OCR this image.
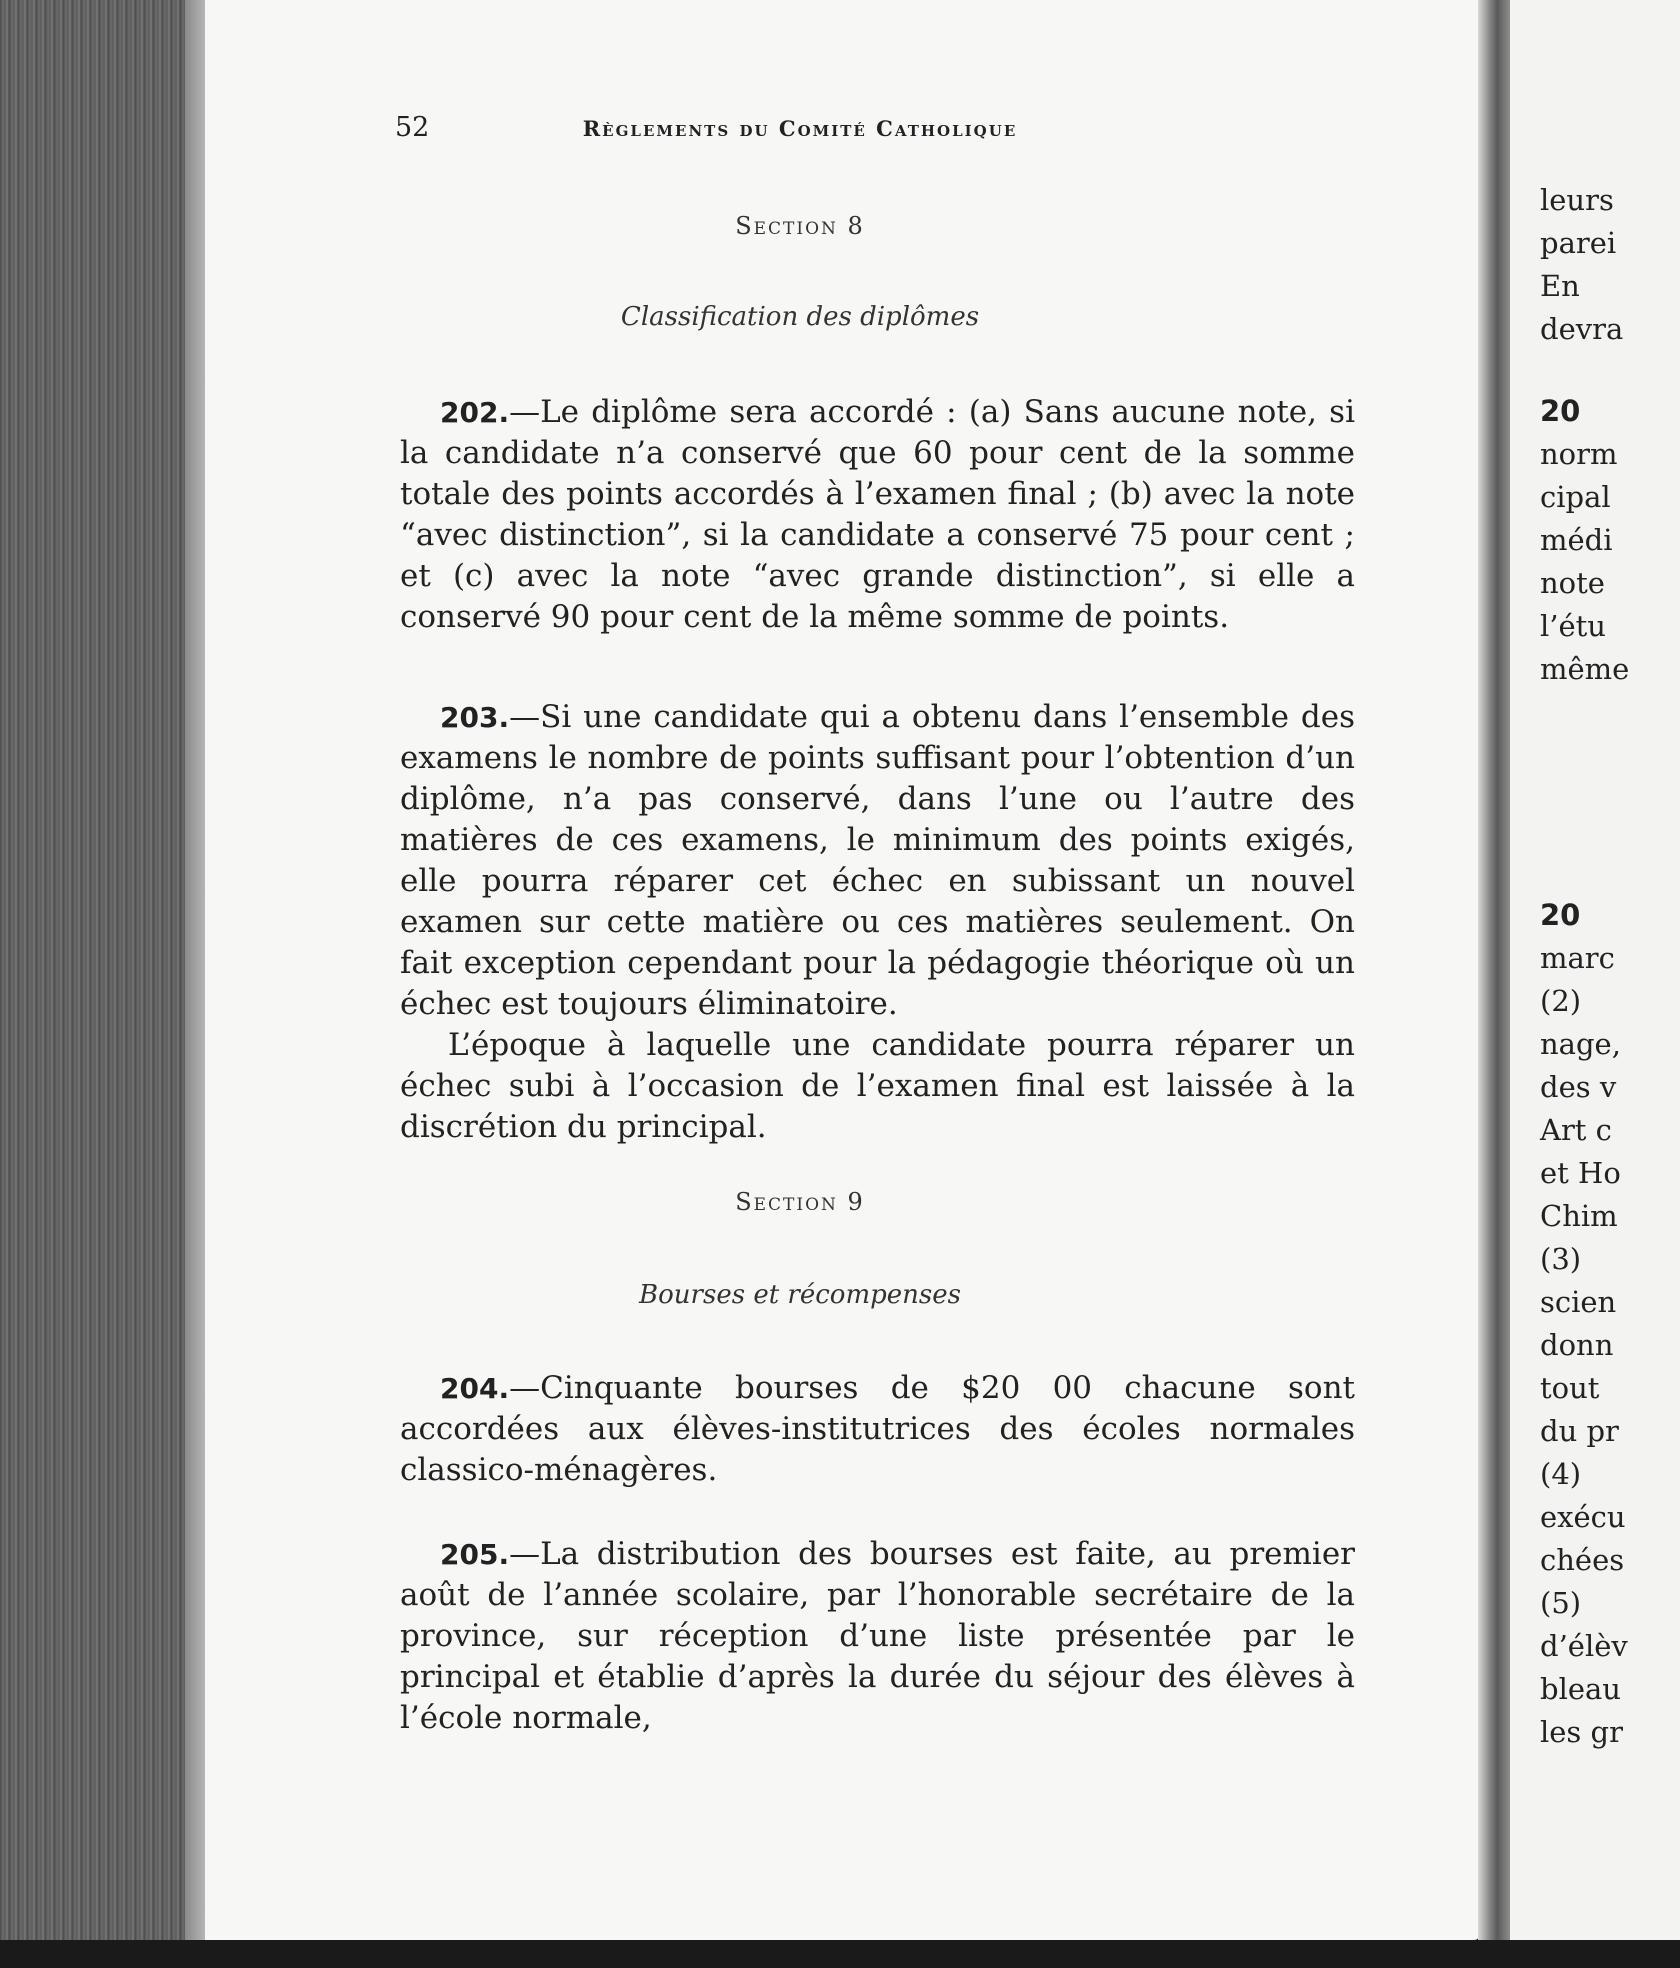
52	Règlements du Comité Catholique
Section 8
Classification des diplômes

202.—Le diplôme sera accordé : (a) Sans aucune note, si la candidate n’a conservé que 60 pour cent de la somme totale des points accordés à l’examen final ; (b) avec la note “avec distinction”, si la candidate a conservé 75 pour cent ; et (c) avec la note “avec grande distinction”, si elle a conservé 90 pour cent de la même somme de points.

203.—Si une candidate qui a obtenu dans l’ensemble des examens le nombre de points suffisant pour l’obtention d’un diplôme, n’a pas conservé, dans l’une ou l’autre des matières de ces examens, le minimum des points exigés, elle pourra réparer cet échec en subissant un nouvel examen sur cette matière ou ces matières seulement. On fait exception cependant pour la pédagogie théorique où un échec est toujours éliminatoire.

L’époque à laquelle une candidate pourra réparer un échec subi à l’occasion de l’examen final est laissée à la discrétion du principal.

Section 9
Bourses et récompenses

204.—Cinquante bourses de $20 00 chacune sont accordées aux élèves-institutrices des écoles normales classico-ménagères.

205.—La distribution des bourses est faite, au premier août de l’année scolaire, par l’honorable secrétaire de la province, sur réception d’une liste présentée par le principal et établie d’après la durée du séjour des élèves à l’école normale,

leurs
parei
En
devra
20
norm
cipal
médi
note
l’étu
même
20
marc
(2)
nage,
des v
Art c
et Ho
Chim
(3)
scien
donn
tout
du pr
(4)
exécu
chées
(5)
d’élèv
bleau
les gr
